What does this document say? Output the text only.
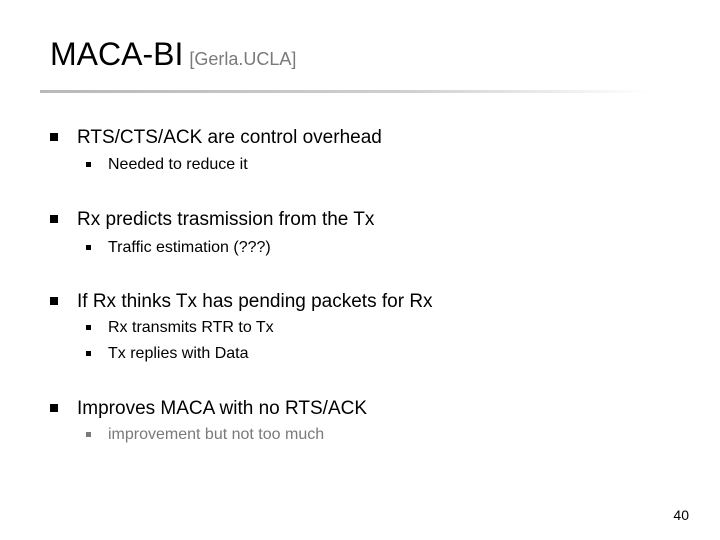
MACA-BI [Gerla.UCLA]
RTS/CTS/ACK are control overhead
Needed to reduce it
Rx predicts trasmission from the Tx
Traffic estimation (???)
If Rx thinks Tx has pending packets for Rx
Rx transmits RTR to Tx
Tx replies with Data
Improves MACA with no RTS/ACK
improvement but not too much
40
